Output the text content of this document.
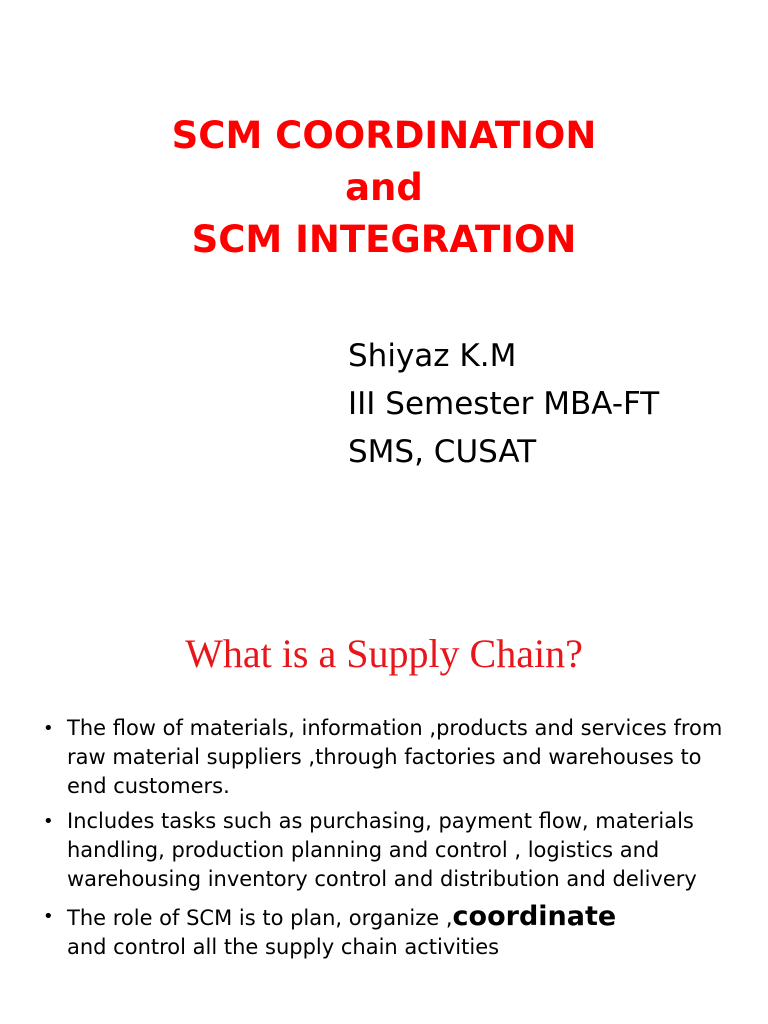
SCM COORDINATION
and
SCM INTEGRATION
Shiyaz K.M
III Semester MBA-FT
SMS, CUSAT
What is a Supply Chain?
• The flow of materials, information ,products and services from raw material suppliers ,through factories and warehouses to end customers.
• Includes tasks such as purchasing, payment flow, materials handling, production planning and control , logistics and warehousing inventory control and distribution and delivery
• The role of SCM is to plan, organize ,coordinate
and control all the supply chain activities
